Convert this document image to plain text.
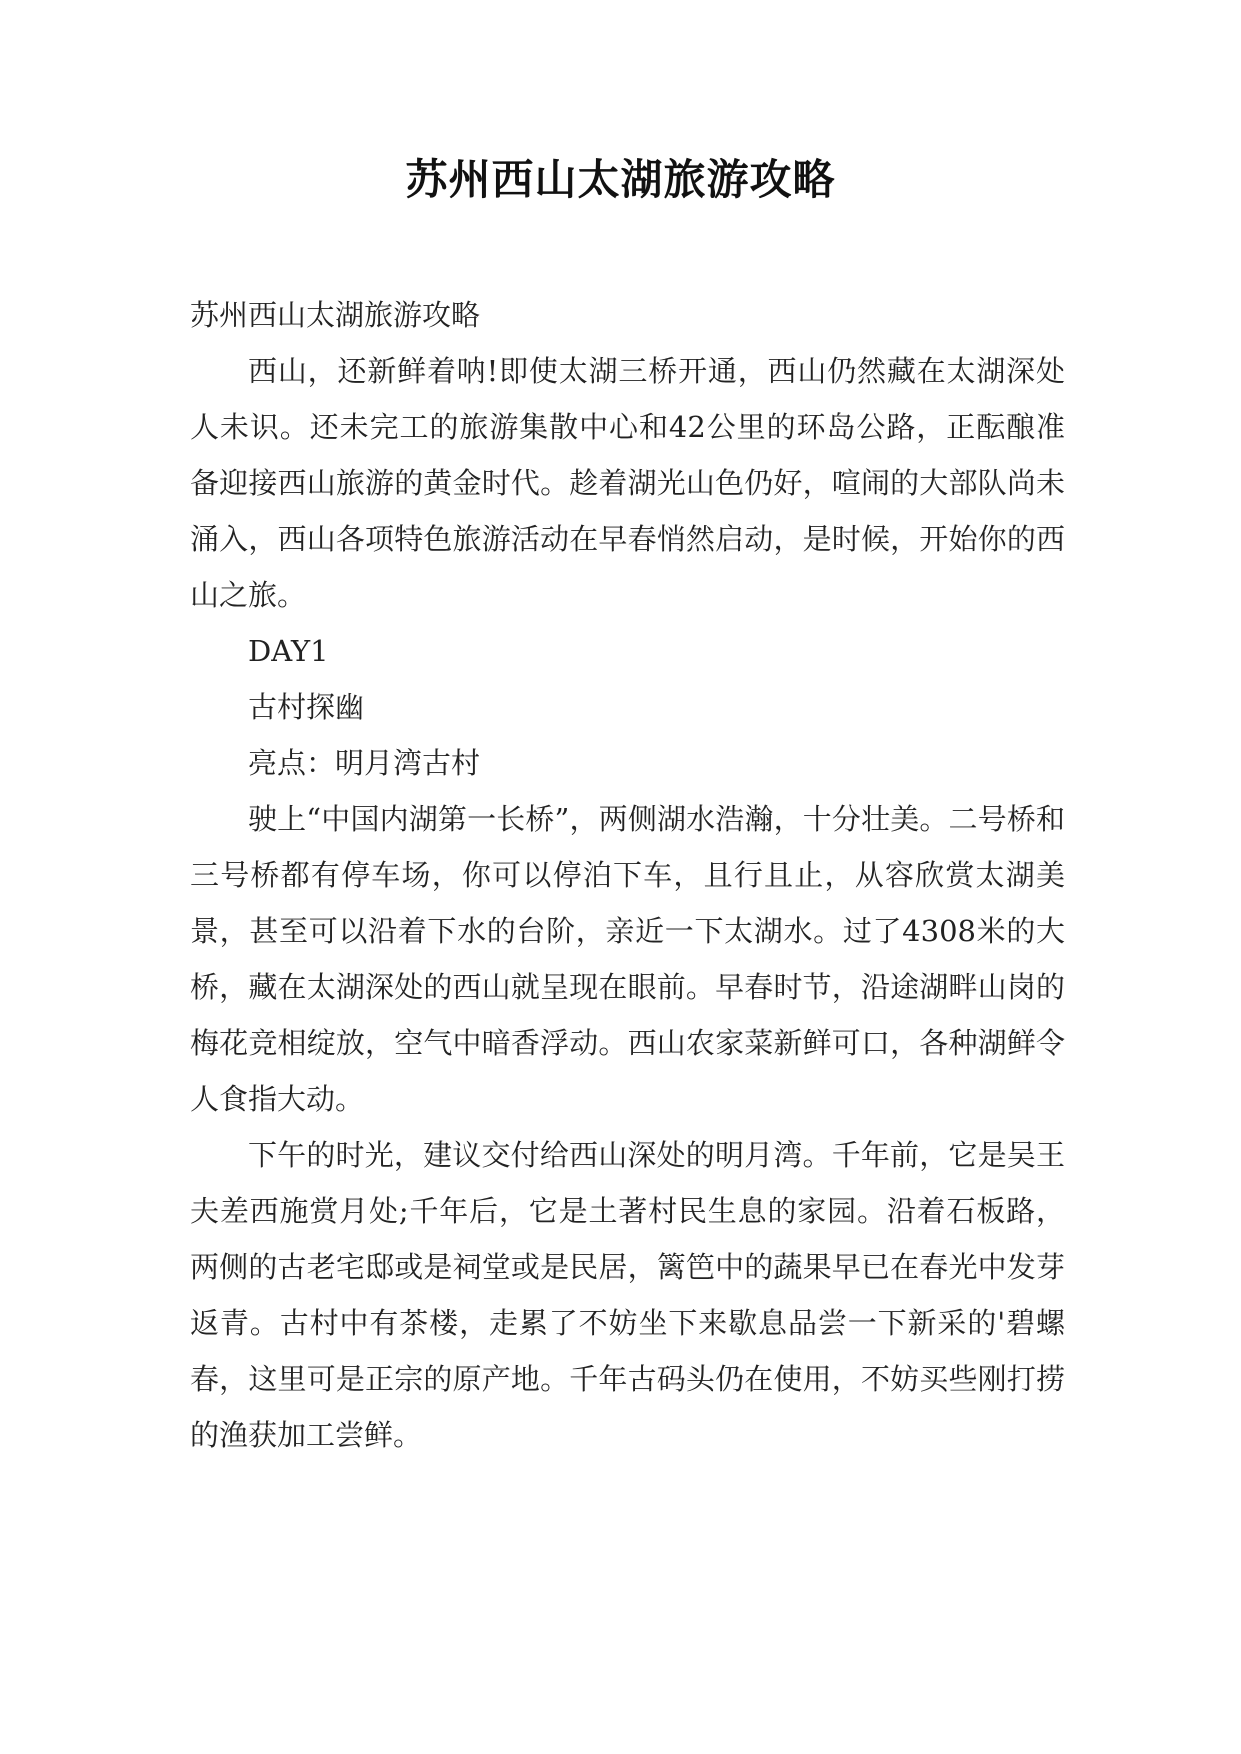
苏州西山太湖旅游攻略

苏州西山太湖旅游攻略

西山，还新鲜着呐!即使太湖三桥开通，西山仍然藏在太湖深处人未识。还未完工的旅游集散中心和42公里的环岛公路，正酝酿准备迎接西山旅游的黄金时代。趁着湖光山色仍好，喧闹的大部队尚未涌入，西山各项特色旅游活动在早春悄然启动，是时候，开始你的西山之旅。

DAY1

古村探幽

亮点：明月湾古村

驶上“中国内湖第一长桥”，两侧湖水浩瀚，十分壮美。二号桥和三号桥都有停车场，你可以停泊下车，且行且止，从容欣赏太湖美景，甚至可以沿着下水的台阶，亲近一下太湖水。过了4308米的大桥，藏在太湖深处的西山就呈现在眼前。早春时节，沿途湖畔山岗的梅花竞相绽放，空气中暗香浮动。西山农家菜新鲜可口，各种湖鲜令人食指大动。

下午的时光，建议交付给西山深处的明月湾。千年前，它是吴王夫差西施赏月处;千年后，它是土著村民生息的家园。沿着石板路，两侧的古老宅邸或是祠堂或是民居，篱笆中的蔬果早已在春光中发芽返青。古村中有茶楼，走累了不妨坐下来歇息品尝一下新采的'碧螺春，这里可是正宗的原产地。千年古码头仍在使用，不妨买些刚打捞的渔获加工尝鲜。
